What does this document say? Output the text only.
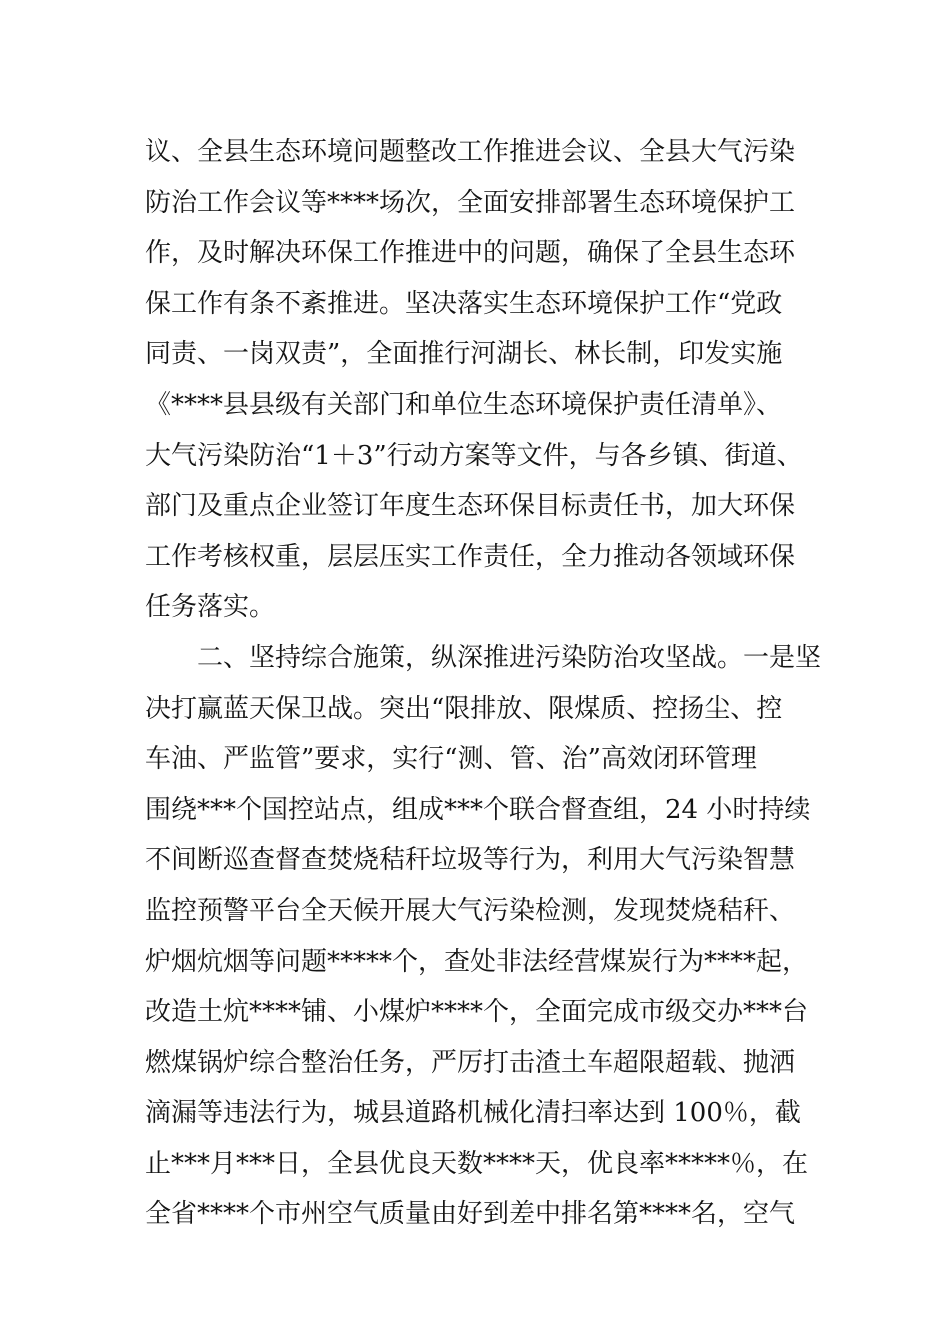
议、全县生态环境问题整改工作推进会议、全县大气污染
防治工作会议等****场次，全面安排部署生态环境保护工
作，及时解决环保工作推进中的问题，确保了全县生态环
保工作有条不紊推进。坚决落实生态环境保护工作“党政
同责、一岗双责”，全面推行河湖长、林长制，印发实施
《****县县级有关部门和单位生态环境保护责任清单》、
大气污染防治“1＋3”行动方案等文件，与各乡镇、街道、
部门及重点企业签订年度生态环保目标责任书，加大环保
工作考核权重，层层压实工作责任，全力推动各领域环保
任务落实。
　　二、坚持综合施策，纵深推进污染防治攻坚战。一是坚
决打赢蓝天保卫战。突出“限排放、限煤质、控扬尘、控
车油、严监管”要求，实行“测、管、治”高效闭环管理
围绕***个国控站点，组成***个联合督查组，24 小时持续
不间断巡查督查焚烧秸秆垃圾等行为，利用大气污染智慧
监控预警平台全天候开展大气污染检测，发现焚烧秸秆、
炉烟炕烟等问题*****个，查处非法经营煤炭行为****起，
改造土炕****铺、小煤炉****个，全面完成市级交办***台
燃煤锅炉综合整治任务，严厉打击渣土车超限超载、抛洒
滴漏等违法行为，城县道路机械化清扫率达到 100％，截
止***月***日，全县优良天数****天，优良率*****％，在
全省****个市州空气质量由好到差中排名第****名，空气
